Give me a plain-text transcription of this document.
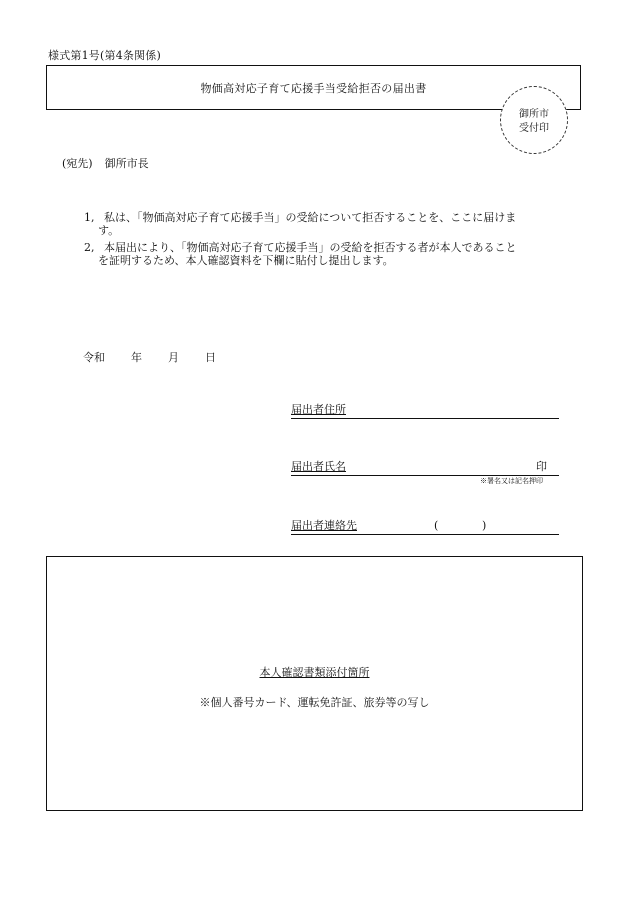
様式第1号(第4条関係)
物価高対応子育て応援手当受給拒否の届出書
御所市
受付印
(宛先) 御所市長
1, 私は、「物価高対応子育て応援手当」の受給について拒否することを、ここに届けま
す。
2, 本届出により、「物価高対応子育て応援手当」の受給を拒否する者が本人であること
を証明するため、本人確認資料を下欄に貼付し提出します。
令和 年 月 日
届出者住所
届出者氏名	印
※署名又は記名押印
届出者連絡先	(	)
本人確認書類添付箇所
※個人番号カード、運転免許証、旅券等の写し
